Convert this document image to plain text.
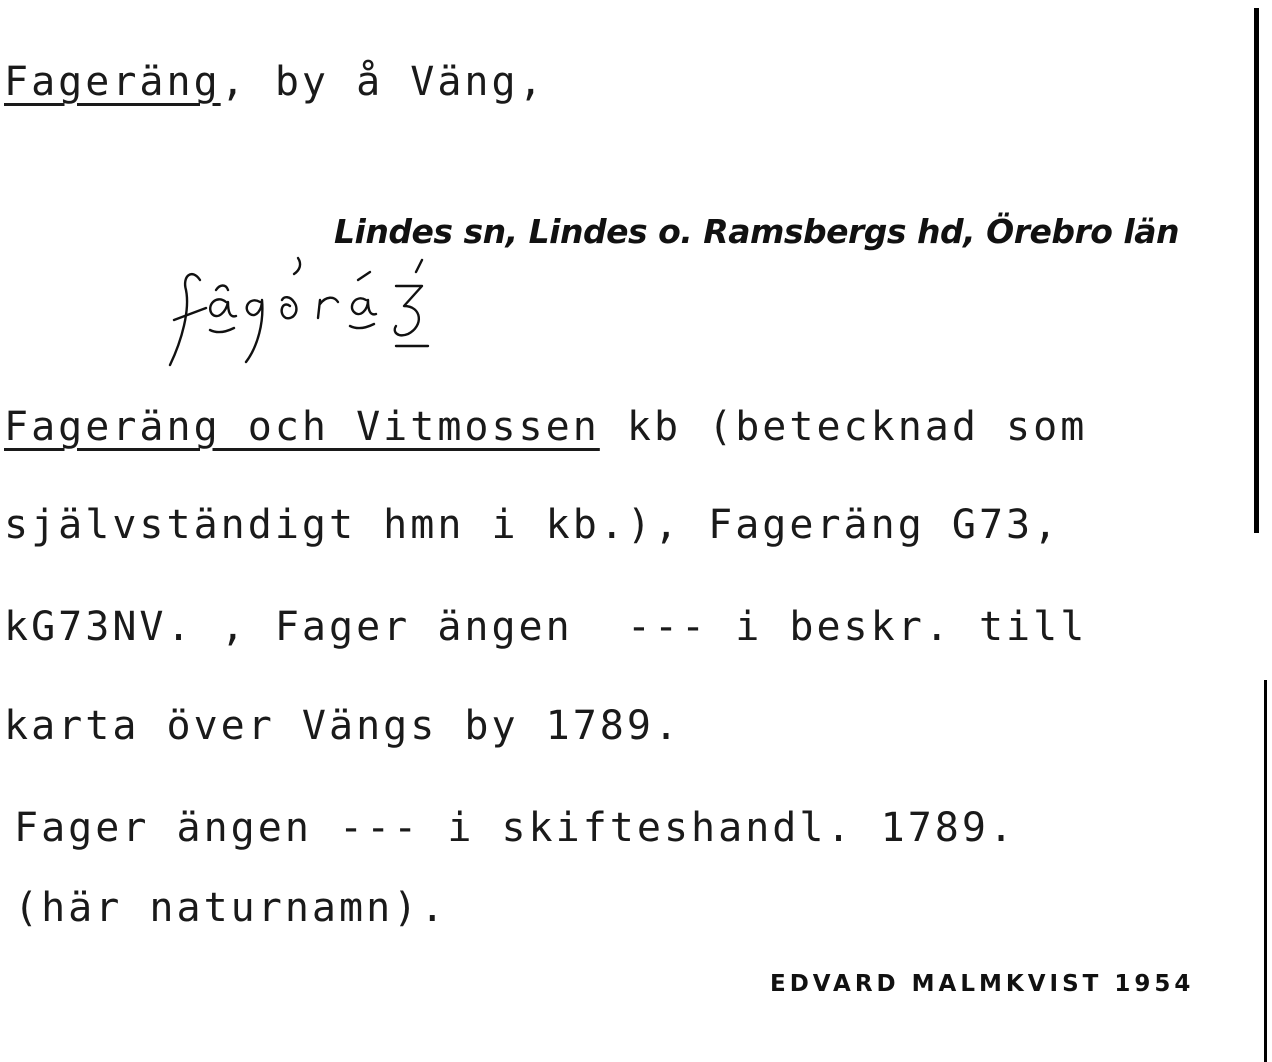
Fageräng, by å Väng,
Lindes sn, Lindes o. Ramsbergs hd, Örebro län
Fageräng och Vitmossen kb (betecknad som
självständigt hmn i kb.), Fageräng G73,
kG73NV. , Fager ängen  --- i beskr. till
karta över Vängs by 1789.
Fager ängen --- i skifteshandl. 1789.
(här naturnamn).
EDVARD MALMKVIST 1954
